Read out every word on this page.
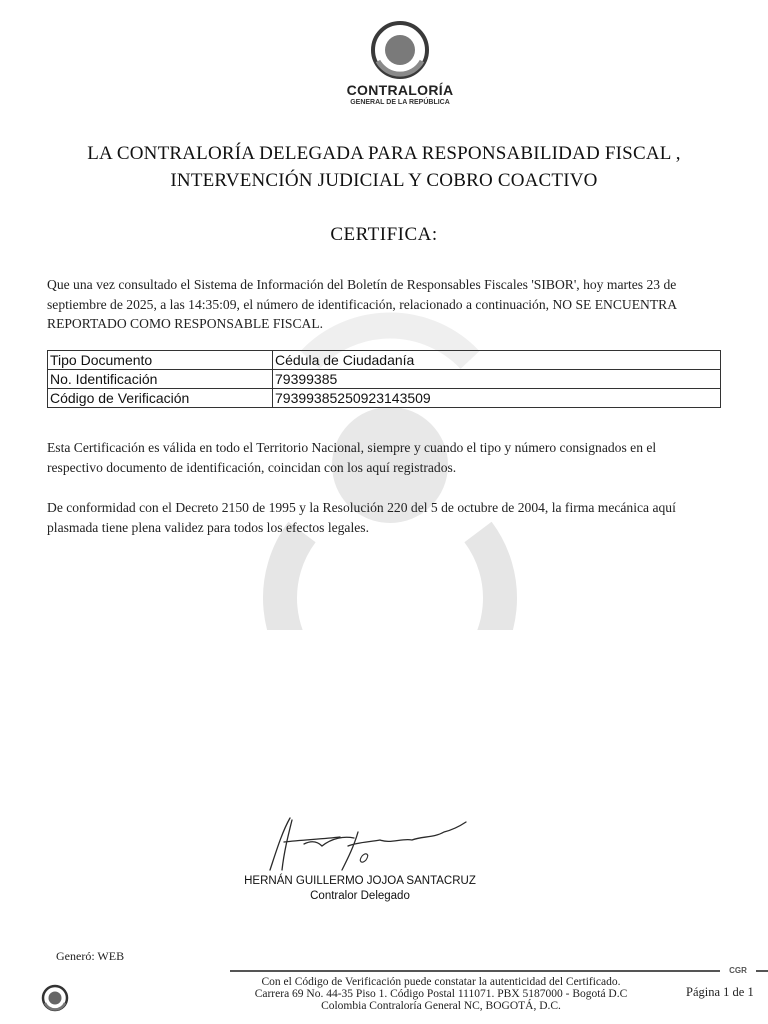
CONTRALORÍA
GENERAL DE LA REPÚBLICA
LA CONTRALORÍA DELEGADA PARA RESPONSABILIDAD FISCAL ,
INTERVENCIÓN JUDICIAL Y COBRO COACTIVO
CERTIFICA:
Que una vez consultado el Sistema de Información del Boletín de Responsables Fiscales 'SIBOR', hoy martes 23 de
septiembre de 2025, a las 14:35:09, el número de identificación, relacionado a continuación, NO SE ENCUENTRA
REPORTADO COMO RESPONSABLE FISCAL.
Tipo Documento	Cédula de Ciudadanía
No. Identificación	79399385
Código de Verificación	79399385250923143509
Esta Certificación es válida en todo el Territorio Nacional, siempre y cuando el tipo y número consignados en el
respectivo documento de identificación, coincidan con los aquí registrados.
De conformidad con el Decreto 2150 de 1995 y la Resolución 220 del 5 de octubre de 2004, la firma mecánica aquí
plasmada tiene plena validez para todos los efectos legales.
HERNÁN GUILLERMO JOJOA SANTACRUZ
Contralor Delegado
Generó: WEB
CGR
Con el Código de Verificación puede constatar la autenticidad del Certificado.
Carrera 69 No. 44-35 Piso 1. Código Postal 111071. PBX 5187000 - Bogotá D.C
Colombia Contraloría General NC, BOGOTÁ, D.C.
Página 1 de 1
